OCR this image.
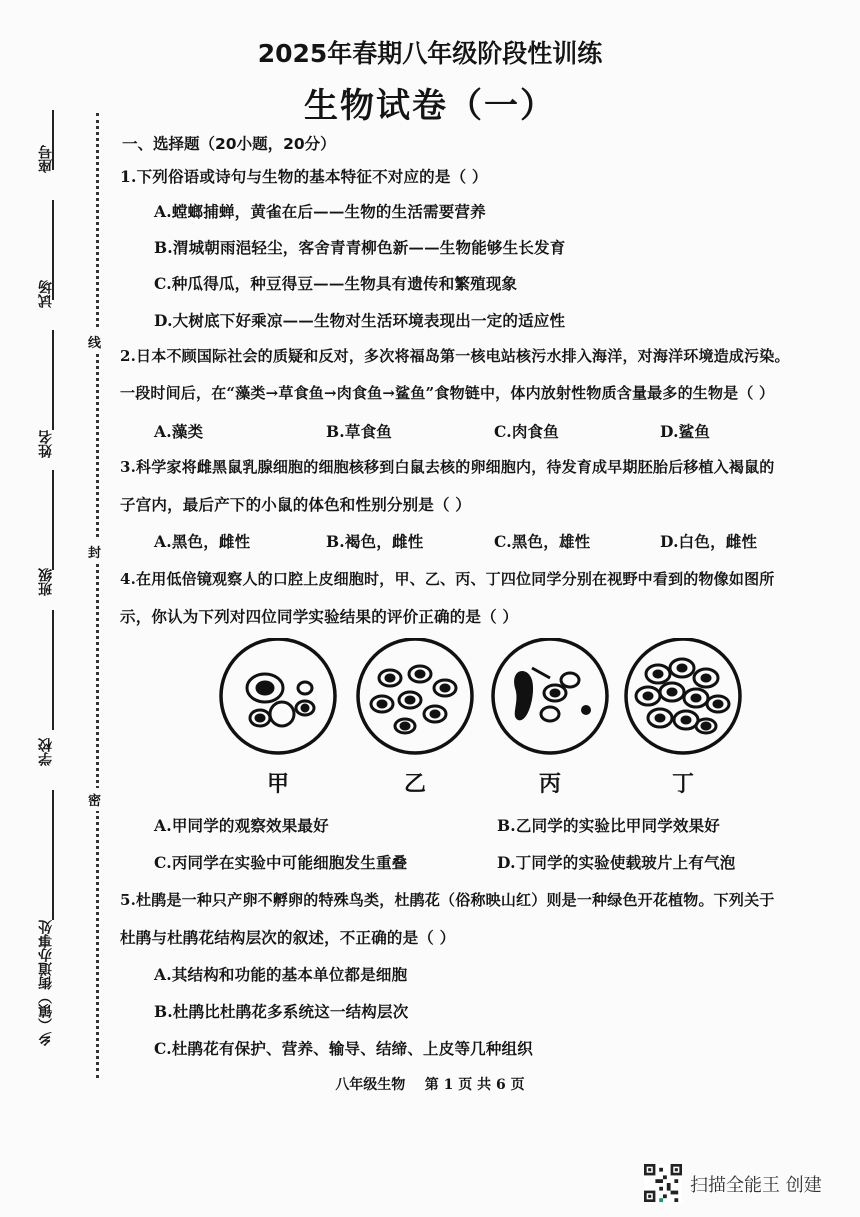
2025年春期八年级阶段性训练
生物试卷（一）
座号
试场
姓名
班级
学校
乡（镇）街道办事处
线
封
密
一、选择题（20小题，20分）
1.下列俗语或诗句与生物的基本特征不对应的是（ ）
A.螳螂捕蝉，黄雀在后——生物的生活需要营养
B.渭城朝雨浥轻尘，客舍青青柳色新——生物能够生长发育
C.种瓜得瓜，种豆得豆——生物具有遗传和繁殖现象
D.大树底下好乘凉——生物对生活环境表现出一定的适应性
2.日本不顾国际社会的质疑和反对，多次将福岛第一核电站核污水排入海洋，对海洋环境造成污染。
一段时间后，在“藻类→草食鱼→肉食鱼→鲨鱼”食物链中，体内放射性物质含量最多的生物是（ ）
A.藻类	B.草食鱼	C.肉食鱼	D.鲨鱼
3.科学家将雌黑鼠乳腺细胞的细胞核移到白鼠去核的卵细胞内，待发育成早期胚胎后移植入褐鼠的
子宫内，最后产下的小鼠的体色和性别分别是（ ）
A.黑色，雌性	B.褐色，雌性	C.黑色，雄性	D.白色，雌性
4.在用低倍镜观察人的口腔上皮细胞时，甲、乙、丙、丁四位同学分别在视野中看到的物像如图所
示，你认为下列对四位同学实验结果的评价正确的是（ ）
甲	乙	丙	丁
A.甲同学的观察效果最好	B.乙同学的实验比甲同学效果好
C.丙同学在实验中可能细胞发生重叠	D.丁同学的实验使载玻片上有气泡
5.杜鹃是一种只产卵不孵卵的特殊鸟类，杜鹃花（俗称映山红）则是一种绿色开花植物。下列关于
杜鹃与杜鹃花结构层次的叙述，不正确的是（ ）
A.其结构和功能的基本单位都是细胞
B.杜鹃比杜鹃花多系统这一结构层次
C.杜鹃花有保护、营养、输导、结缔、上皮等几种组织
八年级生物    第 1 页 共 6 页
扫描全能王 创建
